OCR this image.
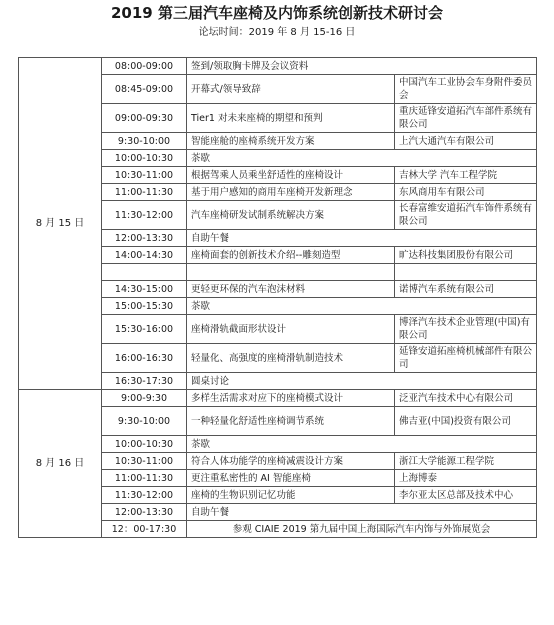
2019 第三届汽车座椅及内饰系统创新技术研讨会
论坛时间：2019 年 8 月 15-16 日
8 月 15 日	08:00-09:00	签到/领取胸卡牌及会议资料	
	08:45-09:00	开幕式/领导致辞	中国汽车工业协会车身附件委员会
	09:00-09:30	Tier1 对未来座椅的期望和预判	重庆延锋安道拓汽车部件系统有限公司
	9:30-10:00	智能座舱的座椅系统开发方案	上汽大通汽车有限公司
	10:00-10:30	茶歇	
	10:30-11:00	根据驾乘人员乘坐舒适性的座椅设计	吉林大学 汽车工程学院
	11:00-11:30	基于用户感知的商用车座椅开发新理念	东风商用车有限公司
	11:30-12:00	汽车座椅研发试制系统解决方案	长春富维安道拓汽车饰件系统有限公司
	12:00-13:30	自助午餐	
	14:00-14:30	座椅面套的创新技术介绍--雕刻造型	旷达科技集团股份有限公司

	14:30-15:00	更轻更环保的汽车泡沫材料	诺博汽车系统有限公司
	15:00-15:30	茶歇	
	15:30-16:00	座椅滑轨截面形状设计	博泽汽车技术企业管理(中国)有限公司
	16:00-16:30	轻量化、高强度的座椅滑轨制造技术	延锋安道拓座椅机械部件有限公司
	16:30-17:30	圆桌讨论	
8 月 16 日	9:00-9:30	多样生活需求对应下的座椅模式设计	泛亚汽车技术中心有限公司
	9:30-10:00	一种轻量化舒适性座椅调节系统	佛吉亚(中国)投资有限公司
	10:00-10:30	茶歇	
	10:30-11:00	符合人体功能学的座椅减震设计方案	浙江大学能源工程学院
	11:00-11:30	更注重私密性的 AI 智能座椅	上海博泰
	11:30-12:00	座椅的生物识别记忆功能	李尔亚太区总部及技术中心
	12:00-13:30	自助午餐	
	12：00-17:30	参观 CIAIE 2019 第九届中国上海国际汽车内饰与外饰展览会	
